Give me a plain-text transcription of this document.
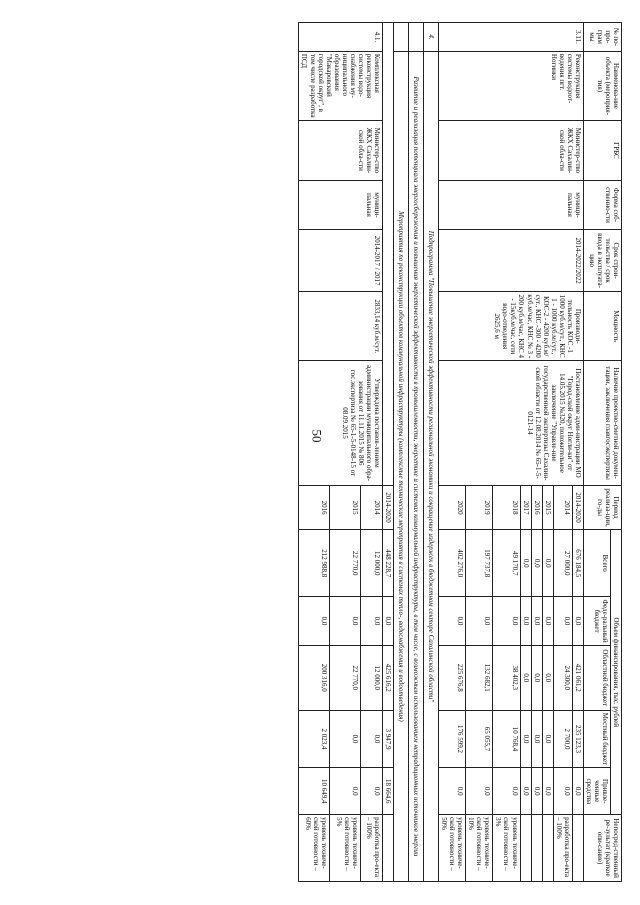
50
№ по-про-грам мы	Наименова-ние объекта (мероприя-тия)	ГРБС	Форма соб-ственно-сти	Срок строи-тельства / срок ввода в эксплуата-цию	Мощность	Наличие проектно-сметной докумен-тации, заключения главгосэкспертизы	Период реализа-ции, го-ды	Объем финансирования, тыс. рублей					Непосред-ственный ре-зультат (краткое опи-сание)
								Всего	Феде-ральный бюджет	Областной бюджет	Местный бюджет	Привле-ченные средства	
3.11.	Реконструкция системы водоот-ведения пгт. Ногинки	Министер-ство ЖКХ Сахалин-ской обла-сти	муници-пальная	2014-2022/2022	Производи-тельность КОС -1 1000 куб.м/сут., КНС 1 - 1000 куб.м/сут., КОС-2 - 4200 куб.м/сут., КНС -300 - 4200 куб.м/час, КНС № 3 - 200 куб.м/час, КНС 4 - 15куб.м/час, сети водо-отведения 2625,6 м	Постановление адми-нистрации МО "Город-ской округ Ногли-ки" от 14.05.2015 №320, положительное заключение "Управле-ние государственной экспертизы Сахалин-ской области от 12.08.2014 № 65-1-5-0121-14	2014-2020	676 184,5	0,0	421 061,2	235 123,3	0,0	
							2014	27 000,0	0,0	24 300,0	2 700,0	0,0	разработка про-екта – 100%
							2015	0,0	0,0	0,0	0,0	0,0	
							2016	0,0	0,0	0,0	0,0	0,0	
							2017	0,0	0,0	0,0	0,0	0,0	
							2018	49 170,7	0,0	38 402,3	10 768,4	0,0	уровень техниче-ской готовности – 3%
							2019	197 737,8	0,0	132 682,1	65 055,7	0,0	уровень техниче-ской готовности – 10%
							2020	402 276,0	0,0	225 676,8	176 599,2	0,0	уровень техниче-ской готовности – 50%
4.	Подпрограмма "Повышение энергетической эффективности региональной экономики и сокращение издержек в бюджетном секторе Сахалинской области"												
	Развитие и реализация потенциала энергосбережения и повышения энергетической эффективности в промышленности, энергетике и системах коммунальной инфраструктуры, в том числе, с возможным использованием нетрадиционных источников энергии												
	Мероприятия по реконструкции объектов коммунальной инфраструктуры (комплексные технические мероприятия в системах тепло-, водоснабжения и водоотведения)												
							2014-2020	448 228,7	0,0	425 616,2	3 947,9	18 664,6	
4.1.	Комплексная реконструкция системы водо-снабжения му-ниципального образования "Макаровский городской округ", в том числе разработка ПСД	Министер-ство ЖКХ Сахалин-ской обла-сти	муници-пальная	2014-2017 / 2017	2833,14 куб.м/сут.	Утверждена постанов-лением администрации муниципального обра-зования от 11.11.2015 № 806 гос.экспертиза № 65-1-5-0148-15 от 08.09.2015	2014	12 000,0	0,0	12 000,0	0,0	0,0	разработка про-екта – 100%
							2015	22 770,0	0,0	22 770,0	0,0	0,0	уровень техниче-ской готовности – 5%
							2016	212 988,8	0,0	200 316,0	2 023,4	10 649,4	уровень техниче-ской готовности – 60%
